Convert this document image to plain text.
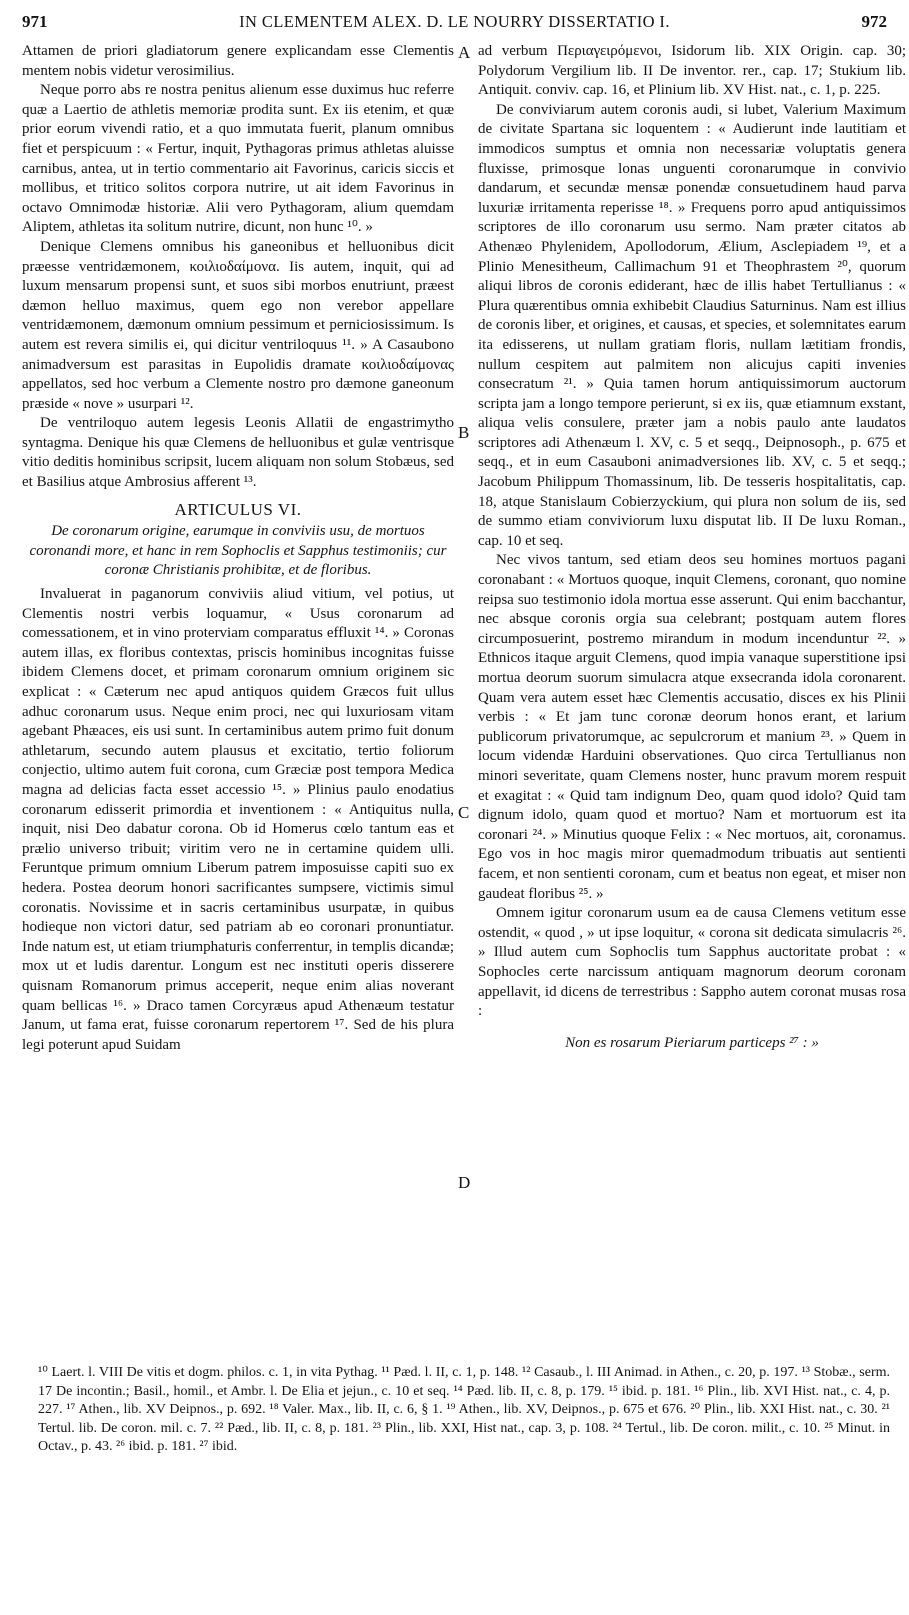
971	IN CLEMENTEM ALEX. D. LE NOURRY DISSERTATIO I.	972

Attamen de priori gladiatorum genere explicandam esse Clementis mentem nobis videtur verosimilius.

Neque porro abs re nostra penitus alienum esse duximus huc referre quæ a Laertio de athletis memoriæ prodita sunt. Ex iis etenim, et quæ prior eorum vivendi ratio, et a quo immutata fuerit, planum omnibus fiet et perspicuum : « Fertur, inquit, Pythagoras primus athletas aluisse carnibus, antea, ut in tertio commentario ait Favorinus, caricis siccis et mollibus, et tritico solitos corpora nutrire, ut ait idem Favorinus in octavo Omnimodæ historiæ. Alii vero Pythagoram, alium quemdam Aliptem, athletas ita solitum nutrire, dicunt, non hunc ¹⁰. »

Denique Clemens omnibus his ganeonibus et helluonibus dicit præesse ventridæmonem, κοιλιοδαίμονα. Iis autem, inquit, qui ad luxum mensarum propensi sunt, et suos sibi morbos enutriunt, præest dæmon helluo maximus, quem ego non verebor appellare ventridæmonem, dæmonum omnium pessimum et perniciosissimum. Is autem est revera similis ei, qui dicitur ventriloquus ¹¹. » A Casaubono animadversum est parasitas in Eupolidis dramate κοιλιοδαίμονας appellatos, sed hoc verbum a Clemente nostro pro dæmone ganeonum præside « nove » usurpari ¹².

De ventriloquo autem legesis Leonis Allatii de engastrimytho syntagma. Denique his quæ Clemens de helluonibus et gulæ ventrisque vitio deditis hominibus scripsit, lucem aliquam non solum Stobæus, sed et Basilius atque Ambrosius afferent ¹³.

ARTICULUS VI.

De coronarum origine, earumque in conviviis usu, de mortuos coronandi more, et hanc in rem Sophoclis et Sapphus testimoniis; cur coronæ Christianis prohibitæ, et de floribus.

Invaluerat in paganorum conviviis aliud vitium, vel potius, ut Clementis nostri verbis loquamur, « Usus coronarum ad comessationem, et in vino proterviam comparatus effluxit ¹⁴. » Coronas autem illas, ex floribus contextas, priscis hominibus incognitas fuisse ibidem Clemens docet, et primam coronarum omnium originem sic explicat : « Cæterum nec apud antiquos quidem Græcos fuit ullus adhuc coronarum usus. Neque enim proci, nec qui luxuriosam vitam agebant Phæaces, eis usi sunt. In certaminibus autem primo fuit donum athletarum, secundo autem plausus et excitatio, tertio foliorum conjectio, ultimo autem fuit corona, cum Græciæ post tempora Medica magna ad delicias facta esset accessio ¹⁵. » Plinius paulo enodatius coronarum edisserit primordia et inventionem : « Antiquitus nulla, inquit, nisi Deo dabatur corona. Ob id Homerus cœlo tantum eas et prælio universo tribuit; viritim vero ne in certamine quidem ulli. Feruntque primum omnium Liberum patrem imposuisse capiti suo ex hedera. Postea deorum honori sacrificantes sumpsere, victimis simul coronatis. Novissime et in sacris certaminibus usurpatæ, in quibus hodieque non victori datur, sed patriam ab eo coronari pronuntiatur. Inde natum est, ut etiam triumphaturis conferrentur, in templis dicandæ; mox ut et ludis darentur. Longum est nec instituti operis disserere quisnam Romanorum primus acceperit, neque enim alias noverant quam bellicas ¹⁶. » Draco tamen Corcyræus apud Athenæum testatur Janum, ut fama erat, fuisse coronarum repertorem ¹⁷. Sed de his plura legi poterunt apud Suidam

A
B
C
D

ad verbum Περιαγειρόμενοι, Isidorum lib. XIX Origin. cap. 30; Polydorum Vergilium lib. II De inventor. rer., cap. 17; Stukium lib. Antiquit. conviv. cap. 16, et Plinium lib. XV Hist. nat., c. 1, p. 225.

De conviviarum autem coronis audi, si lubet, Valerium Maximum de civitate Spartana sic loquentem : « Audierunt inde lautitiam et immodicos sumptus et omnia non necessariæ voluptatis genera fluxisse, primosque lonas unguenti coronarumque in convivio dandarum, et secundæ mensæ ponendæ consuetudinem haud parva luxuriæ irritamenta reperisse ¹⁸. » Frequens porro apud antiquissimos scriptores de illo coronarum usu sermo. Nam præter citatos ab Athenæo Phylenidem, Apollodorum, Ælium, Asclepiadem ¹⁹, et a Plinio Menesitheum, Callimachum 91 et Theophrastem ²⁰, quorum aliqui libros de coronis ediderant, hæc de illis habet Tertullianus : « Plura quærentibus omnia exhibebit Claudius Saturninus. Nam est illius de coronis liber, et origines, et causas, et species, et solemnitates earum ita edisserens, ut nullam gratiam floris, nullam lætitiam frondis, nullum cespitem aut palmitem non alicujus capiti invenies consecratum ²¹. » Quia tamen horum antiquissimorum auctorum scripta jam a longo tempore perierunt, si ex iis, quæ etiamnum exstant, aliqua velis consulere, præter jam a nobis paulo ante laudatos scriptores adi Athenæum l. XV, c. 5 et seqq., Deipnosoph., p. 675 et seqq., et in eum Casauboni animadversiones lib. XV, c. 5 et seqq.; Jacobum Philippum Thomassinum, lib. De tesseris hospitalitatis, cap. 18, atque Stanislaum Cobierzyckium, qui plura non solum de iis, sed de summo etiam conviviorum luxu disputat lib. II De luxu Roman., cap. 10 et seq.

Nec vivos tantum, sed etiam deos seu homines mortuos pagani coronabant : « Mortuos quoque, inquit Clemens, coronant, quo nomine reipsa suo testimonio idola mortua esse asserunt. Qui enim bacchantur, nec absque coronis orgia sua celebrant; postquam autem flores circumposuerint, postremo mirandum in modum incenduntur ²². » Ethnicos itaque arguit Clemens, quod impia vanaque superstitione ipsi mortua deorum suorum simulacra atque exsecranda idola coronarent. Quam vera autem esset hæc Clementis accusatio, disces ex his Plinii verbis : « Et jam tunc coronæ deorum honos erant, et larium publicorum privatorumque, ac sepulcrorum et manium ²³. » Quem in locum videndæ Harduini observationes. Quo circa Tertullianus non minori severitate, quam Clemens noster, hunc pravum morem respuit et exagitat : « Quid tam indignum Deo, quam quod idolo? Quid tam dignum idolo, quam quod et mortuo? Nam et mortuorum est ita coronari ²⁴. » Minutius quoque Felix : « Nec mortuos, ait, coronamus. Ego vos in hoc magis miror quemadmodum tribuatis aut sentienti facem, et non sentienti coronam, cum et beatus non egeat, et miser non gaudeat floribus ²⁵. »

Omnem igitur coronarum usum ea de causa Clemens vetitum esse ostendit, « quod , » ut ipse loquitur, « corona sit dedicata simulacris ²⁶. » Illud autem cum Sophoclis tum Sapphus auctoritate probat : « Sophocles certe narcissum antiquam magnorum deorum coronam appellavit, id dicens de terrestribus : Sappho autem coronat musas rosa :

Non es rosarum Pieriarum particeps ²⁷ : »

¹⁰ Laert. l. VIII De vitis et dogm. philos. c. 1, in vita Pythag. ¹¹ Pæd. l. II, c. 1, p. 148. ¹² Casaub., l. III Animad. in Athen., c. 20, p. 197. ¹³ Stobæ., serm. 17 De incontin.; Basil., homil., et Ambr. l. De Elia et jejun., c. 10 et seq. ¹⁴ Pæd. lib. II, c. 8, p. 179. ¹⁵ ibid. p. 181. ¹⁶ Plin., lib. XVI Hist. nat., c. 4, p. 227. ¹⁷ Athen., lib. XV Deipnos., p. 692. ¹⁸ Valer. Max., lib. II, c. 6, § 1. ¹⁹ Athen., lib. XV, Deipnos., p. 675 et 676. ²⁰ Plin., lib. XXI Hist. nat., c. 30. ²¹ Tertul. lib. De coron. mil. c. 7. ²² Pæd., lib. II, c. 8, p. 181. ²³ Plin., lib. XXI, Hist nat., cap. 3, p. 108. ²⁴ Tertul., lib. De coron. milit., c. 10. ²⁵ Minut. in Octav., p. 43. ²⁶ ibid. p. 181. ²⁷ ibid.
